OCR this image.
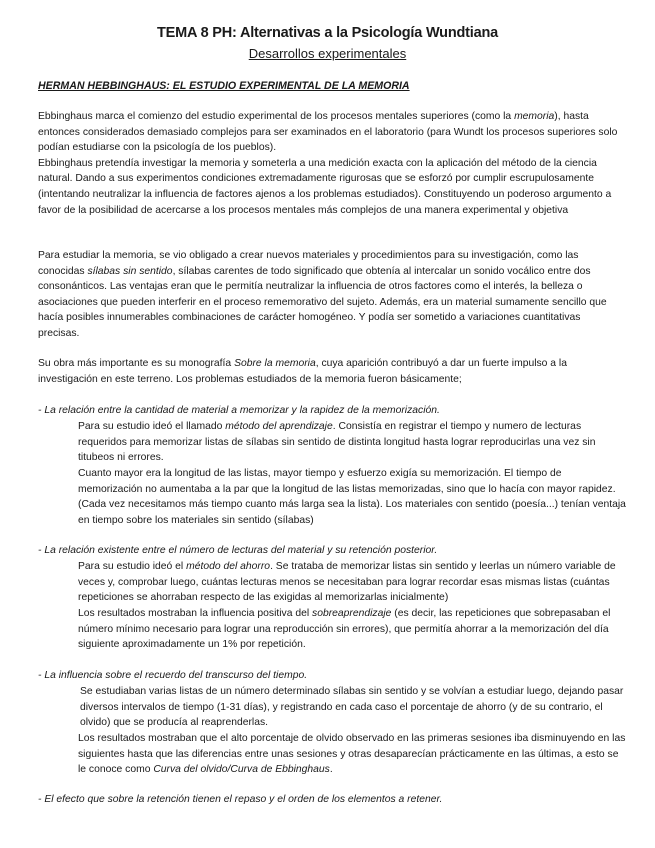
TEMA 8 PH: Alternativas a la Psicología Wundtiana
Desarrollos experimentales
HERMAN HEBBINGHAUS: EL ESTUDIO EXPERIMENTAL DE LA MEMORIA

Ebbinghaus marca el comienzo del estudio experimental de los procesos mentales superiores (como la memoria), hasta entonces considerados demasiado complejos para ser examinados en el laboratorio (para Wundt los procesos superiores solo podían estudiarse con la psicología de los pueblos).
Ebbinghaus pretendía investigar la memoria y someterla a una medición exacta con la aplicación del método de la ciencia natural. Dando a sus experimentos condiciones extremadamente rigurosas que se esforzó por cumplir escrupulosamente (intentando neutralizar la influencia de factores ajenos a los problemas estudiados). Constituyendo un poderoso argumento a favor de la posibilidad de acercarse a los procesos mentales más complejos de una manera experimental y objetiva

Para estudiar la memoria, se vio obligado a crear nuevos materiales y procedimientos para su investigación, como las conocidas sílabas sin sentido, sílabas carentes de todo significado que obtenía al intercalar un sonido vocálico entre dos consonánticos. Las ventajas eran que le permitía neutralizar la influencia de otros factores como el interés, la belleza o asociaciones que pueden interferir en el proceso rememorativo del sujeto. Además, era un material sumamente sencillo que hacía posibles innumerables combinaciones de carácter homogéneo. Y podía ser sometido a variaciones cuantitativas precisas.

Su obra más importante es su monografía Sobre la memoria, cuya aparición contribuyó a dar un fuerte impulso a la investigación en este terreno. Los problemas estudiados de la memoria fueron básicamente;

- La relación entre la cantidad de material a memorizar y la rapidez de la memorización.

Para su estudio ideó el llamado método del aprendizaje. Consistía en registrar el tiempo y numero de lecturas requeridos para memorizar listas de sílabas sin sentido de distinta longitud hasta lograr reproducirlas una vez sin titubeos ni errores.

Cuanto mayor era la longitud de las listas, mayor tiempo y esfuerzo exigía su memorización. El tiempo de memorización no aumentaba a la par que la longitud de las listas memorizadas, sino que lo hacía con mayor rapidez. (Cada vez necesitamos más tiempo cuanto más larga sea la lista). Los materiales con sentido (poesía...) tenían ventaja en tiempo sobre los materiales sin sentido (sílabas)

- La relación existente entre el número de lecturas del material y su retención posterior.

Para su estudio ideó el método del ahorro. Se trataba de memorizar listas sin sentido y leerlas un número variable de veces y, comprobar luego, cuántas lecturas menos se necesitaban para lograr recordar esas mismas listas (cuántas repeticiones se ahorraban respecto de las exigidas al memorizarlas inicialmente)

Los resultados mostraban la influencia positiva del sobreaprendizaje (es decir, las repeticiones que sobrepasaban el número mínimo necesario para lograr una reproducción sin errores), que permitía ahorrar a la memorización del día siguiente aproximadamente un 1% por repetición.

- La influencia sobre el recuerdo del transcurso del tiempo.

Se estudiaban varias listas de un número determinado sílabas sin sentido y se volvían a estudiar luego, dejando pasar diversos intervalos de tiempo (1-31 días), y registrando en cada caso el porcentaje de ahorro (y de su contrario, el olvido) que se producía al reaprenderlas.

Los resultados mostraban que el alto porcentaje de olvido observado en las primeras sesiones iba disminuyendo en las siguientes hasta que las diferencias entre unas sesiones y otras desaparecían prácticamente en las últimas, a esto se le conoce como Curva del olvido/Curva de Ebbinghaus.

- El efecto que sobre la retención tienen el repaso y el orden de los elementos a retener.
